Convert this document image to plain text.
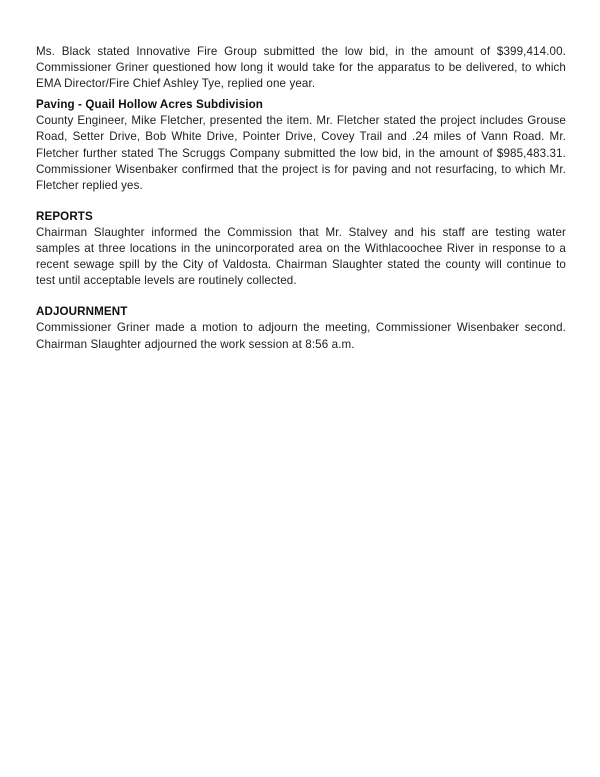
Ms. Black stated Innovative Fire Group submitted the low bid, in the amount of $399,414.00. Commissioner Griner questioned how long it would take for the apparatus to be delivered, to which EMA Director/Fire Chief Ashley Tye, replied one year.

Paving - Quail Hollow Acres Subdivision

County Engineer, Mike Fletcher, presented the item. Mr. Fletcher stated the project includes Grouse Road, Setter Drive, Bob White Drive, Pointer Drive, Covey Trail and .24 miles of Vann Road. Mr. Fletcher further stated The Scruggs Company submitted the low bid, in the amount of $985,483.31. Commissioner Wisenbaker confirmed that the project is for paving and not resurfacing, to which Mr. Fletcher replied yes.

REPORTS

Chairman Slaughter informed the Commission that Mr. Stalvey and his staff are testing water samples at three locations in the unincorporated area on the Withlacoochee River in response to a recent sewage spill by the City of Valdosta. Chairman Slaughter stated the county will continue to test until acceptable levels are routinely collected.

ADJOURNMENT

Commissioner Griner made a motion to adjourn the meeting, Commissioner Wisenbaker second. Chairman Slaughter adjourned the work session at 8:56 a.m.
